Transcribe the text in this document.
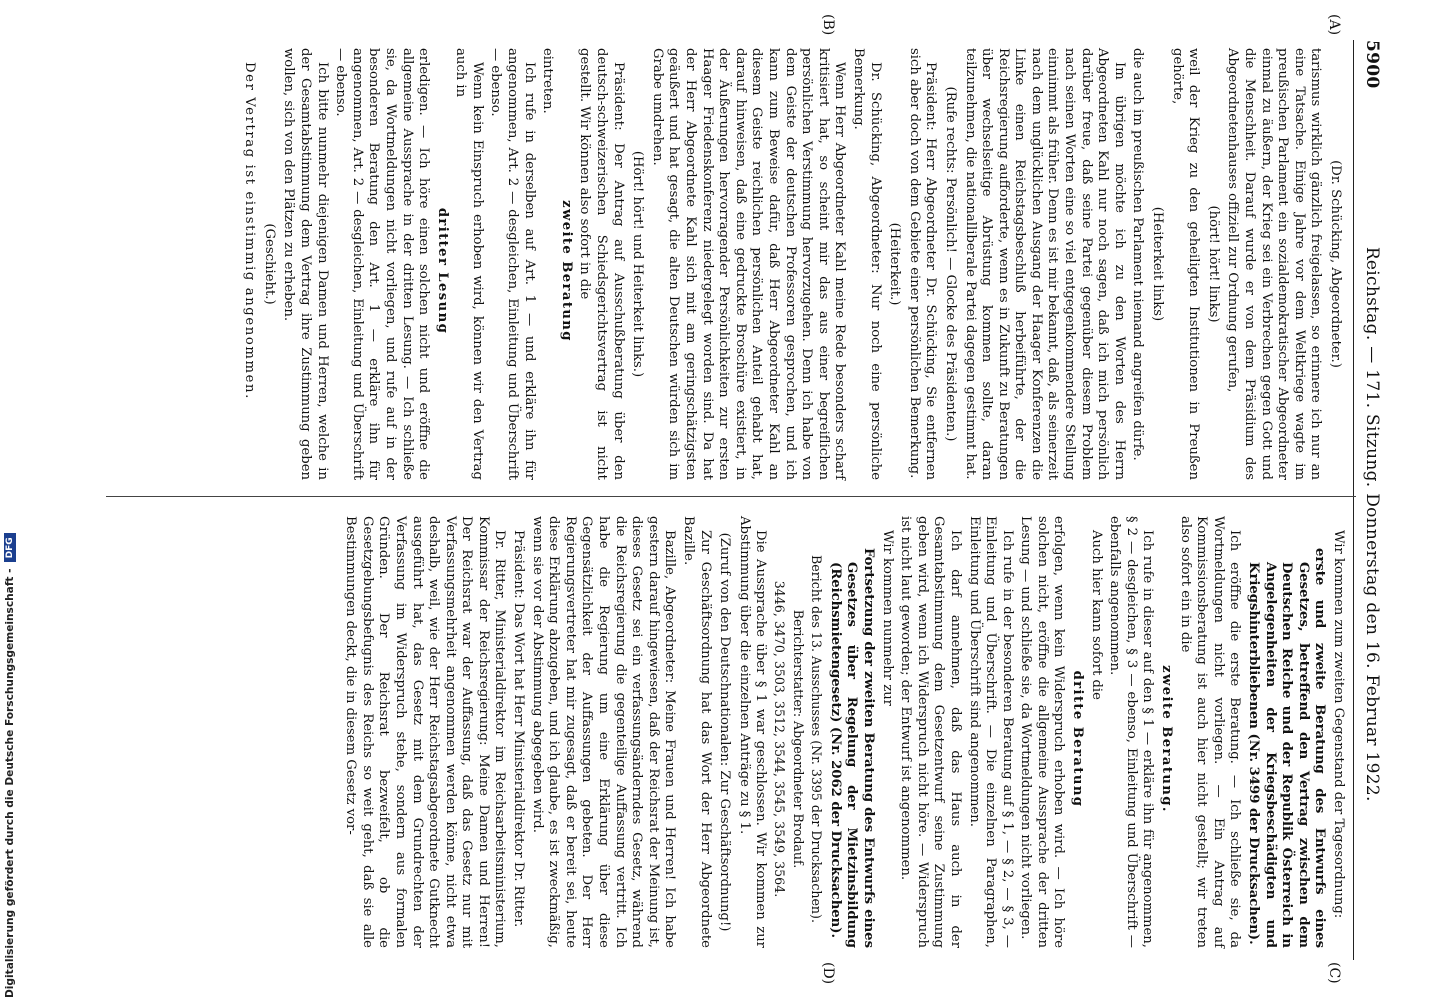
5900
Reichstag. — 171. Sitzung. Donnerstag den 16. Februar 1922.
(A)
(B)
(C)
(D)

(Dr. Schücking, Abgeordneter.)

tarismus wirklich gänzlich freigelassen, so erinnere ich nur an eine Tatsache. Einige Jahre vor dem Weltkriege wagte im preußischen Parlament ein sozialdemokratischer Abgeordneter einmal zu äußern, der Krieg sei ein Verbrechen gegen Gott und die Menschheit. Darauf wurde er von dem Präsidium des Abgeordnetenhauses offiziell zur Ordnung gerufen,

(hört! hört! links)

weil der Krieg zu den geheiligten Institutionen in Preußen gehörte,

(Heiterkeit links)

die auch im preußischen Parlament niemand angreifen dürfe.

Im übrigen möchte ich zu den Worten des Herrn Abgeordneten Kahl nur noch sagen, daß ich mich persönlich darüber freue, daß seine Partei gegenüber diesem Problem nach seinen Worten eine so viel entgegenkommendere Stellung einnimmt als früher. Denn es ist mir bekannt, daß, als seinerzeit nach dem unglücklichen Ausgang der Haager Konferenzen die Linke einen Reichstagsbeschluß herbeiführte, der die Reichsregierung aufforderte, wenn es in Zukunft zu Beratungen über wechselseitige Abrüstung kommen sollte, daran teilzunehmen, die nationalliberale Partei dagegen gestimmt hat.

(Rufe rechts: Persönlich! — Glocke des Präsidenten.)

Präsident: Herr Abgeordneter Dr. Schücking, Sie entfernen sich aber doch von dem Gebiete einer persönlichen Bemerkung.

(Heiterkeit.)

Dr. Schücking, Abgeordneter: Nur noch eine persönliche Bemerkung.

Wenn Herr Abgeordneter Kahl meine Rede besonders scharf kritisiert hat, so scheint mir das aus einer begreiflichen persönlichen Verstimmung hervorzugehen. Denn ich habe von dem Geiste der deutschen Professoren gesprochen, und ich kann zum Beweise dafür, daß Herr Abgeordneter Kahl an diesem Geiste reichlichen persönlichen Anteil gehabt hat, darauf hinweisen, daß eine gedruckte Broschüre existiert, in der Äußerungen hervorragender Persönlichkeiten zur ersten Haager Friedenskonferenz niedergelegt worden sind. Da hat der Herr Abgeordnete Kahl sich mit am geringschätzigsten geäußert und hat gesagt, die alten Deutschen würden sich im Grabe umdrehen.

(Hört! hört! und Heiterkeit links.)

Präsident: Der Antrag auf Ausschußberatung über den deutsch-schweizerischen Schiedsgerichtsvertrag ist nicht gestellt. Wir können also sofort in die

zweite Beratung

eintreten.

Ich rufe in derselben auf Art. 1 — und erkläre ihn für angenommen, Art. 2 — desgleichen, Einleitung und Überschrift — ebenso.

Wenn kein Einspruch erhoben wird, können wir den Vertrag auch in

dritter Lesung

erledigen. — Ich höre einen solchen nicht und eröffne die allgemeine Aussprache in der dritten Lesung. — Ich schließe sie, da Wortmeldungen nicht vorliegen, und rufe auf in der besonderen Beratung den Art. 1 — erkläre ihn für angenommen, Art. 2 — desgleichen, Einleitung und Überschrift — ebenso.

Ich bitte nunmehr diejenigen Damen und Herren, welche in der Gesamtabstimmung dem Vertrag ihre Zustimmung geben wollen, sich von den Plätzen zu erheben.

(Geschieht.)

Der Vertrag ist einstimmig angenommen.

Wir kommen zum zweiten Gegenstand der Tagesordnung:

erste und zweite Beratung des Entwurfs eines Gesetzes, betreffend den Vertrag zwischen dem Deutschen Reiche und der Republik Österreich in Angelegenheiten der Kriegsbeschädigten und Kriegshinterbliebenen (Nr. 3499 der Drucksachen).

Ich eröffne die erste Beratung. — Ich schließe sie, da Wortmeldungen nicht vorliegen. — Ein Antrag auf Kommissionsberatung ist auch hier nicht gestellt; wir treten also sofort ein in die

zweite Beratung.

Ich rufe in dieser auf den § 1 — erkläre ihn für angenommen, § 2 — desgleichen, § 3 — ebenso, Einleitung und Überschrift — ebenfalls angenommen.

Auch hier kann sofort die

dritte Beratung

erfolgen, wenn kein Widerspruch erhoben wird. — Ich höre solchen nicht, eröffne die allgemeine Aussprache der dritten Lesung — und schließe sie, da Wortmeldungen nicht vorliegen.

Ich rufe in der besonderen Beratung auf § 1, — § 2, — § 3, — Einleitung und Überschrift. — Die einzelnen Paragraphen, Einleitung und Überschrift sind angenommen.

Ich darf annehmen, daß das Haus auch in der Gesamtabstimmung dem Gesetzentwurf seine Zustimmung geben wird, wenn ich Widerspruch nicht höre. — Widerspruch ist nicht laut geworden; der Entwurf ist angenommen.

Wir kommen nunmehr zur

Fortsetzung der zweiten Beratung des Entwurfs eines Gesetzes über Regelung der Mietzinsbildung (Reichsmietengesetz) (Nr. 2062 der Drucksachen).

Bericht des 13. Ausschusses (Nr. 3395 der Drucksachen).

Berichterstatter: Abgeordneter Brodauf.

3446, 3470, 3503, 3512, 3544, 3545, 3549, 3564.

Die Aussprache über § 1 war geschlossen. Wir kommen zur Abstimmung über die einzelnen Anträge zu § 1.

(Zuruf von den Deutschnationalen: Zur Geschäftsordnung!)

Zur Geschäftsordnung hat das Wort der Herr Abgeordnete Bazille.

Bazille, Abgeordneter: Meine Frauen und Herren! Ich habe gestern darauf hingewiesen, daß der Reichsrat der Meinung ist, dieses Gesetz sei ein verfassungsänderndes Gesetz, während die Reichsregierung die gegenteilige Auffassung vertritt. Ich habe die Regierung um eine Erklärung über diese Gegensätzlichkeit der Auffassungen gebeten. Der Herr Regierungsvertreter hat mir zugesagt, daß er bereit sei, heute diese Erklärung abzugeben, und ich glaube, es ist zweckmäßig, wenn sie vor der Abstimmung abgegeben wird.

Präsident: Das Wort hat Herr Ministerialdirektor Dr. Ritter.

Dr. Ritter, Ministerialdirektor im Reichsarbeitsministerium, Kommissar der Reichsregierung: Meine Damen und Herren! Der Reichsrat war der Auffassung, daß das Gesetz nur mit Verfassungsmehrheit angenommen werden könne, nicht etwa deshalb, weil, wie der Herr Reichstagsabgeordnete Gutknecht ausgeführt hat, das Gesetz mit dem Grundrechten der Verfassung im Widerspruch stehe, sondern aus formalen Gründen. Der Reichsrat bezweifelt, ob die Gesetzgebungsbefugnis des Reichs so weit geht, daß sie alle Bestimmungen deckt, die in diesem Gesetz vor-

Digitalisierung gefördert durch die Deutsche Forschungsgemeinschaft -
DFG
